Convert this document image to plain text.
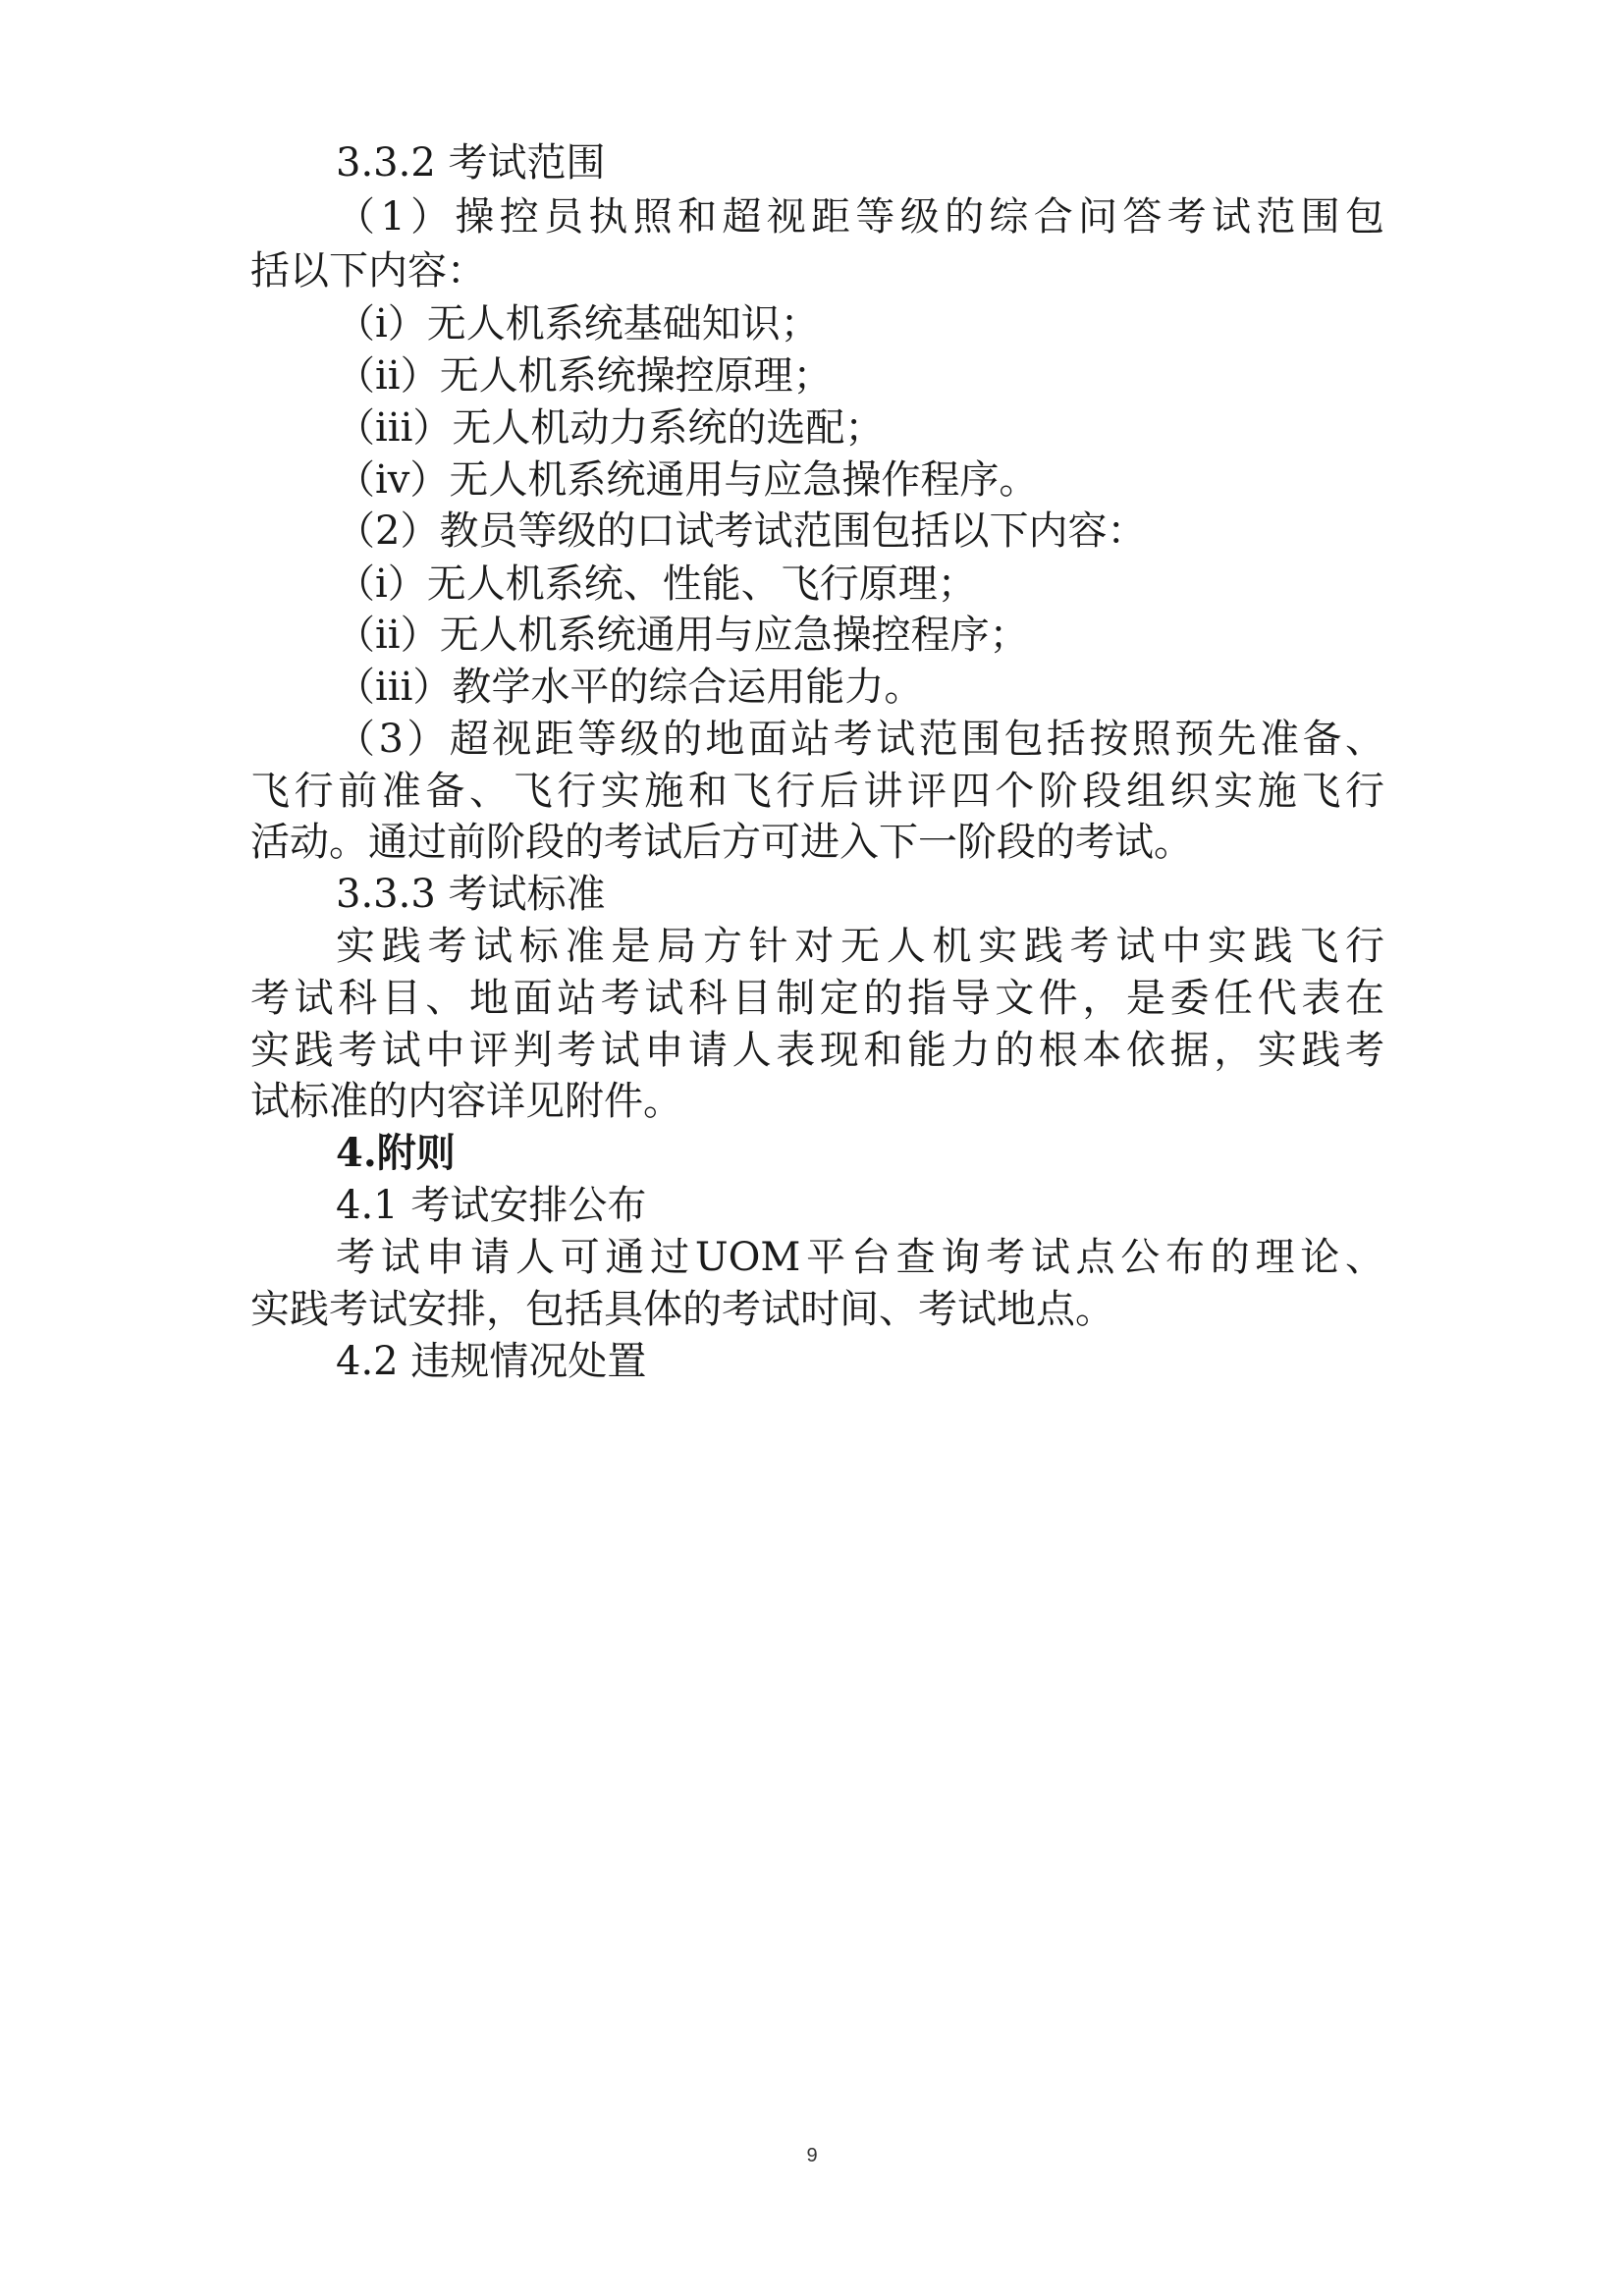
3.3.2 考试范围
（1）操控员执照和超视距等级的综合问答考试范围包
括以下内容：
（i）无人机系统基础知识；
（ii）无人机系统操控原理；
（iii）无人机动力系统的选配；
（iv）无人机系统通用与应急操作程序。
（2）教员等级的口试考试范围包括以下内容：
（i）无人机系统、性能、飞行原理；
（ii）无人机系统通用与应急操控程序；
（iii）教学水平的综合运用能力。
（3）超视距等级的地面站考试范围包括按照预先准备、
飞行前准备、飞行实施和飞行后讲评四个阶段组织实施飞行
活动。通过前阶段的考试后方可进入下一阶段的考试。
3.3.3 考试标准
实践考试标准是局方针对无人机实践考试中实践飞行
考试科目、地面站考试科目制定的指导文件，是委任代表在
实践考试中评判考试申请人表现和能力的根本依据，实践考
试标准的内容详见附件。
4.附则
4.1 考试安排公布
考试申请人可通过UOM平台查询考试点公布的理论、
实践考试安排，包括具体的考试时间、考试地点。
4.2 违规情况处置
9
